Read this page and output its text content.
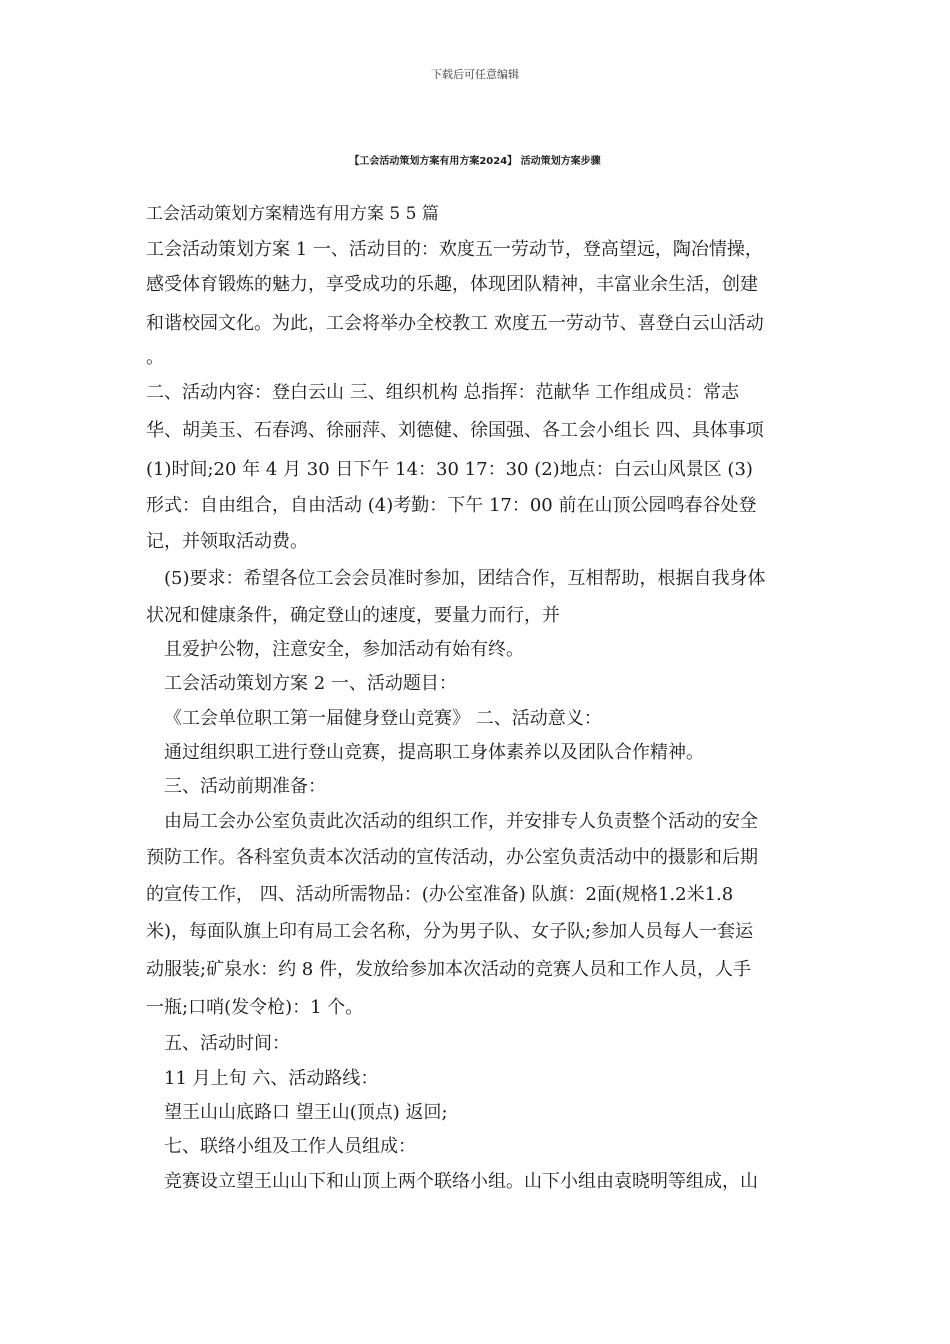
下载后可任意编辑
【工会活动策划方案有用方案2024】 活动策划方案步骤
工会活动策划方案精选有用方案 5 5 篇
工会活动策划方案 1 一、活动目的：欢度五一劳动节，登高望远，陶冶情操，
感受体育锻炼的魅力，享受成功的乐趣，体现团队精神，丰富业余生活，创建
和谐校园文化。为此，工会将举办全校教工 欢度五一劳动节、喜登白云山活动
。
二、活动内容：登白云山 三、组织机构 总指挥：范献华 工作组成员：常志
华、胡美玉、石春鸿、徐丽萍、刘德健、徐国强、各工会小组长 四、具体事项
(1)时间;20 年 4 月 30 日下午 14：30 17：30 (2)地点：白云山风景区 (3)
形式：自由组合，自由活动 (4)考勤：下午 17：00 前在山顶公园鸣春谷处登
记，并领取活动费。
(5)要求：希望各位工会会员准时参加，团结合作，互相帮助，根据自我身体
状况和健康条件，确定登山的速度，要量力而行，并
且爱护公物，注意安全，参加活动有始有终。
工会活动策划方案 2 一、活动题目：
《工会单位职工第一届健身登山竞赛》 二、活动意义：
通过组织职工进行登山竞赛，提高职工身体素养以及团队合作精神。
三、活动前期准备：
由局工会办公室负责此次活动的组织工作，并安排专人负责整个活动的安全
预防工作。各科室负责本次活动的宣传活动，办公室负责活动中的摄影和后期
的宣传工作， 四、活动所需物品：(办公室准备) 队旗：2面(规格1.2米1.8
米)，每面队旗上印有局工会名称，分为男子队、女子队;参加人员每人一套运
动服装;矿泉水：约 8 件，发放给参加本次活动的竞赛人员和工作人员，人手
一瓶;口哨(发令枪)：1 个。
五、活动时间：
11 月上旬 六、活动路线：
望王山山底路口 望王山(顶点) 返回;
七、联络小组及工作人员组成：
竞赛设立望王山山下和山顶上两个联络小组。山下小组由袁晓明等组成，山
